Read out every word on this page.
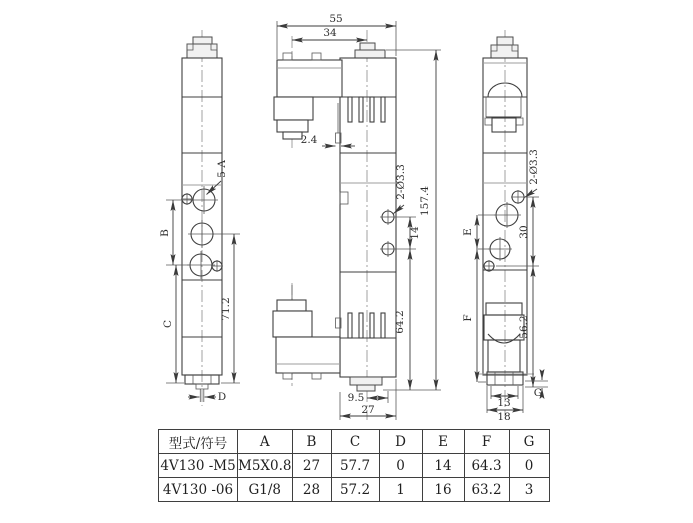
5-A
B
C
71.2
D
55
34
2.4
2-Ø3.3
14
64.2
157.4
9.5
27
2-Ø3.3
E
F
30
56.2
G
13
18
型式/符号	A	B	C	D	E	F	G
4V130 -M5	M5X0.8	27	57.7	0	14	64.3	0
4V130 -06	G1/8	28	57.2	1	16	63.2	3
